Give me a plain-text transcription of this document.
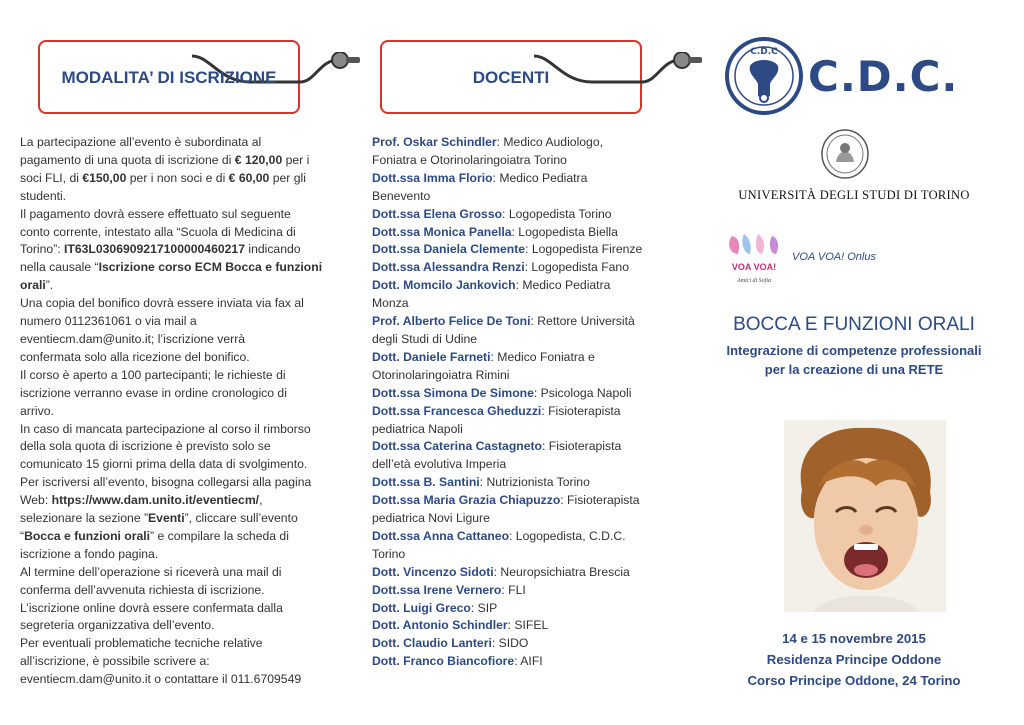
MODALITA’ DI ISCRIZIONE

La partecipazione all’evento è subordinata al

pagamento di una quota di iscrizione di € 120,00 per i

soci FLI, di €150,00 per i non soci e di € 60,00 per gli

studenti.

Il pagamento dovrà essere effettuato sul seguente

conto corrente, intestato alla “Scuola di Medicina di

Torino”: IT63L0306909217100000460217 indicando

nella causale “Iscrizione corso ECM Bocca e funzioni

orali”.

Una copia del bonifico dovrà essere inviata via fax al

numero 0112361061 o via mail a

eventiecm.dam@unito.it; l’iscrizione verrà

confermata solo alla ricezione del bonifico.

Il corso è aperto a 100 partecipanti; le richieste di

iscrizione verranno evase in ordine cronologico di

arrivo.

In caso di mancata partecipazione al corso il rimborso

della sola quota di iscrizione è previsto solo se

comunicato 15 giorni prima della data di svolgimento.

Per iscriversi all’evento, bisogna collegarsi alla pagina

Web: https://www.dam.unito.it/eventiecm/,

selezionare la sezione ”Eventi”, cliccare sull’evento

“Bocca e funzioni orali” e compilare la scheda di

iscrizione a fondo pagina.

Al termine dell’operazione si riceverà una mail di

conferma dell’avvenuta richiesta di iscrizione.

L’iscrizione online dovrà essere confermata dalla

segreteria organizzativa dell’evento.

Per eventuali problematiche tecniche relative

all’iscrizione, è possibile scrivere a:

eventiecm.dam@unito.it o contattare il 011.6709549

DOCENTI

Prof. Oskar Schindler: Medico Audiologo,

Foniatra e Otorinolaringoiatra Torino

Dott.ssa Imma Florio: Medico Pediatra

Benevento

Dott.ssa Elena Grosso: Logopedista Torino

Dott.ssa Monica Panella: Logopedista Biella

Dott.ssa Daniela Clemente: Logopedista Firenze

Dott.ssa Alessandra Renzi: Logopedista Fano

Dott. Momcilo Jankovich: Medico Pediatra

Monza

Prof. Alberto Felice De Toni: Rettore Università

degli Studi di Udine

Dott. Daniele Farneti: Medico Foniatra e

Otorinolaringoiatra Rimini

Dott.ssa Simona De Simone: Psicologa Napoli

Dott.ssa Francesca Gheduzzi: Fisioterapista

pediatrica Napoli

Dott.ssa Caterina Castagneto: Fisioterapista

dell’età evolutiva Imperia

Dott.ssa B. Santini: Nutrizionista Torino

Dott.ssa Maria Grazia Chiapuzzo: Fisioterapista

pediatrica Novi Ligure

Dott.ssa Anna Cattaneo: Logopedista, C.D.C.

Torino

Dott. Vincenzo Sidoti: Neuropsichiatra Brescia

Dott.ssa Irene Vernero: FLI

Dott. Luigi Greco: SIP

Dott. Antonio Schindler: SIFEL

Dott. Claudio Lanteri: SIDO

Dott. Franco Biancofiore: AIFI

C.D.C C.D.C.
UNIVERSITÀ DEGLI STUDI DI TORINO
VOA VOA!
Amici di Sofia
VOA VOA! Onlus
BOCCA E FUNZIONI ORALI
Integrazione di competenze professionali
per la creazione di una RETE
14 e 15 novembre 2015
Residenza Principe Oddone
Corso Principe Oddone, 24 Torino
